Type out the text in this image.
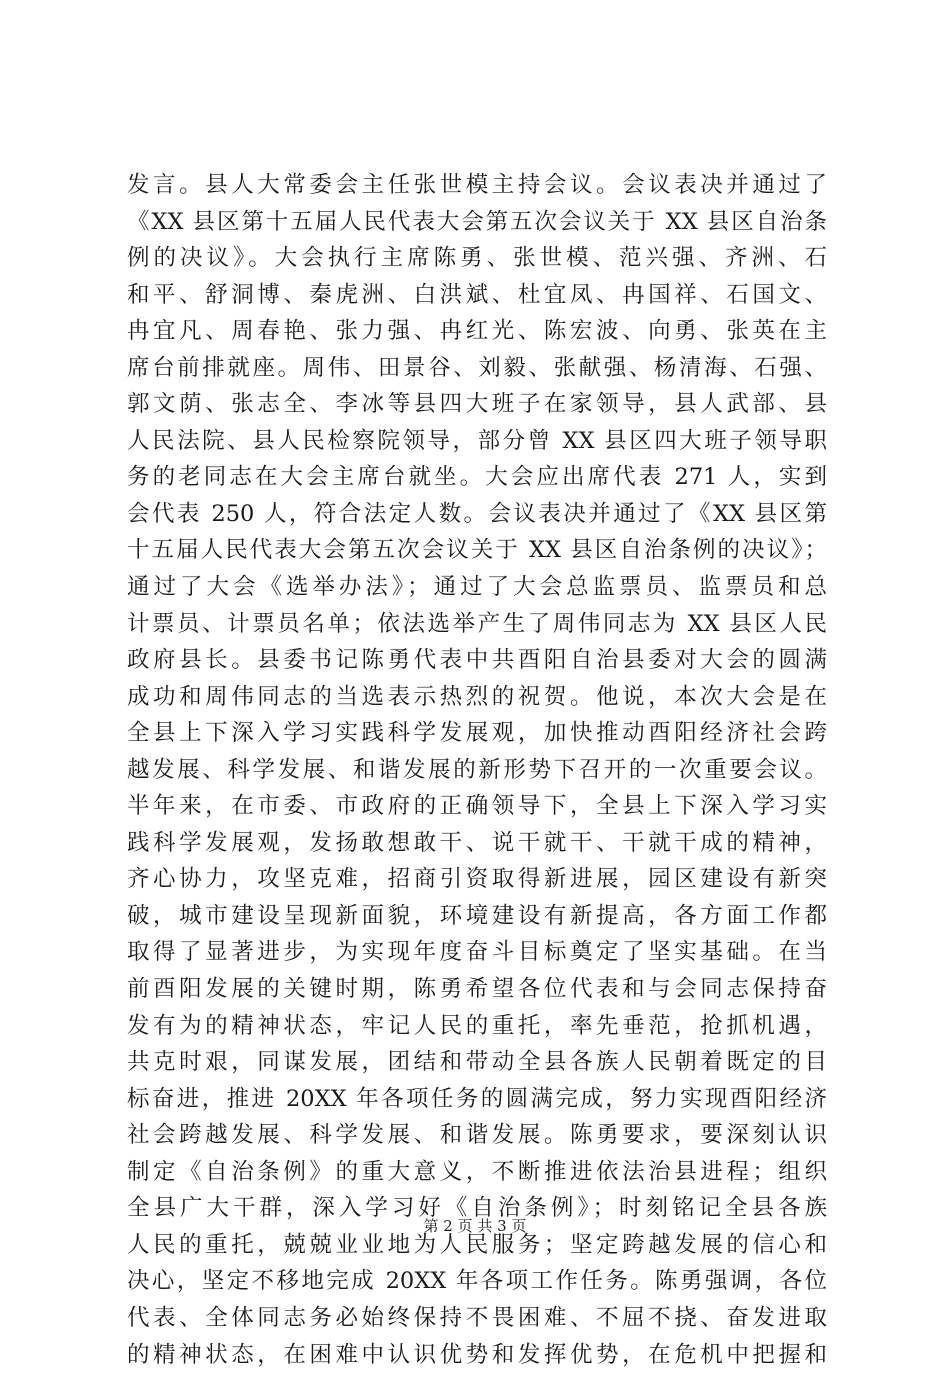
发言。县人大常委会主任张世模主持会议。会议表决并通过了
《XX 县区第十五届人民代表大会第五次会议关于 XX 县区自治条
例的决议》。大会执行主席陈勇、张世模、范兴强、齐洲、石
和平、舒洞博、秦虎洲、白洪斌、杜宜凤、冉国祥、石国文、
冉宜凡、周春艳、张力强、冉红光、陈宏波、向勇、张英在主
席台前排就座。周伟、田景谷、刘毅、张献强、杨清海、石强、
郭文荫、张志全、李冰等县四大班子在家领导，县人武部、县
人民法院、县人民检察院领导，部分曾 XX 县区四大班子领导职
务的老同志在大会主席台就坐。大会应出席代表 271 人，实到
会代表 250 人，符合法定人数。会议表决并通过了《XX 县区第
十五届人民代表大会第五次会议关于 XX 县区自治条例的决议》；
通过了大会《选举办法》；通过了大会总监票员、监票员和总
计票员、计票员名单；依法选举产生了周伟同志为 XX 县区人民
政府县长。县委书记陈勇代表中共酉阳自治县委对大会的圆满
成功和周伟同志的当选表示热烈的祝贺。他说，本次大会是在
全县上下深入学习实践科学发展观，加快推动酉阳经济社会跨
越发展、科学发展、和谐发展的新形势下召开的一次重要会议。
半年来，在市委、市政府的正确领导下，全县上下深入学习实
践科学发展观，发扬敢想敢干、说干就干、干就干成的精神，
齐心协力，攻坚克难，招商引资取得新进展，园区建设有新突
破，城市建设呈现新面貌，环境建设有新提高，各方面工作都
取得了显著进步，为实现年度奋斗目标奠定了坚实基础。在当
前酉阳发展的关键时期，陈勇希望各位代表和与会同志保持奋
发有为的精神状态，牢记人民的重托，率先垂范，抢抓机遇，
共克时艰，同谋发展，团结和带动全县各族人民朝着既定的目
标奋进，推进 20XX 年各项任务的圆满完成，努力实现酉阳经济
社会跨越发展、科学发展、和谐发展。陈勇要求，要深刻认识
制定《自治条例》的重大意义，不断推进依法治县进程；组织
全县广大干群，深入学习好《自治条例》；时刻铭记全县各族
人民的重托，兢兢业业地为人民服务；坚定跨越发展的信心和
决心，坚定不移地完成 20XX 年各项工作任务。陈勇强调，各位
代表、全体同志务必始终保持不畏困难、不屈不挠、奋发进取
的精神状态，在困难中认识优势和发挥优势，在危机中把握和
第 2 页 共 3 页
